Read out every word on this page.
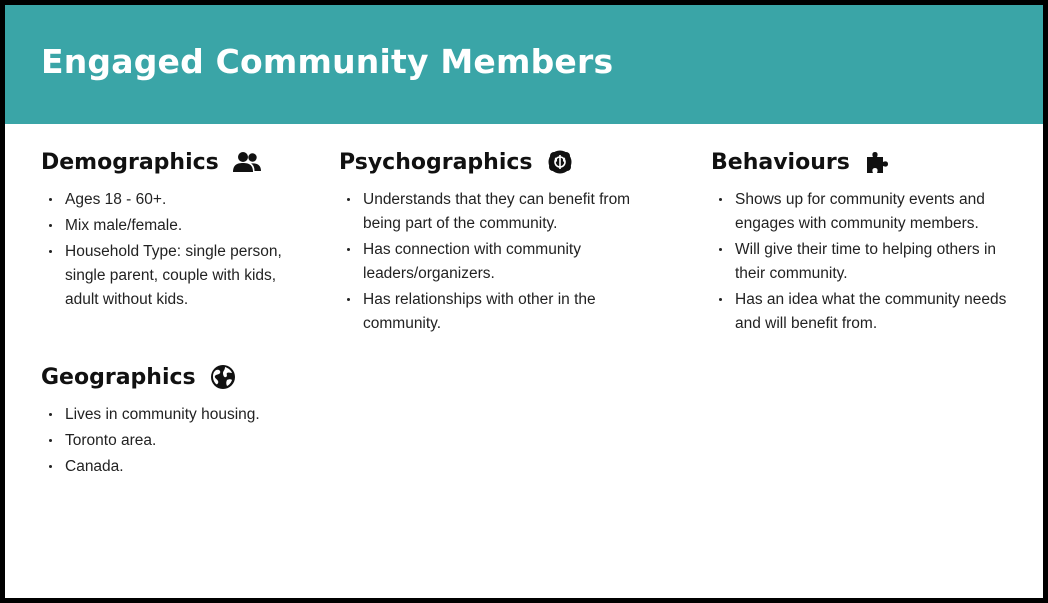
Engaged Community Members
Demographics
Ages 18 - 60+.
Mix male/female.
Household Type: single person, single parent, couple with kids, adult without kids.
Geographics
Lives in community housing.
Toronto area.
Canada.
Psychographics
Understands that they can benefit from being part of the community.
Has connection with community leaders/organizers.
Has relationships with other in the community.
Behaviours
Shows up for community events and engages with community members.
Will give their time to helping others in their community.
Has an idea what the community needs and will benefit from.
